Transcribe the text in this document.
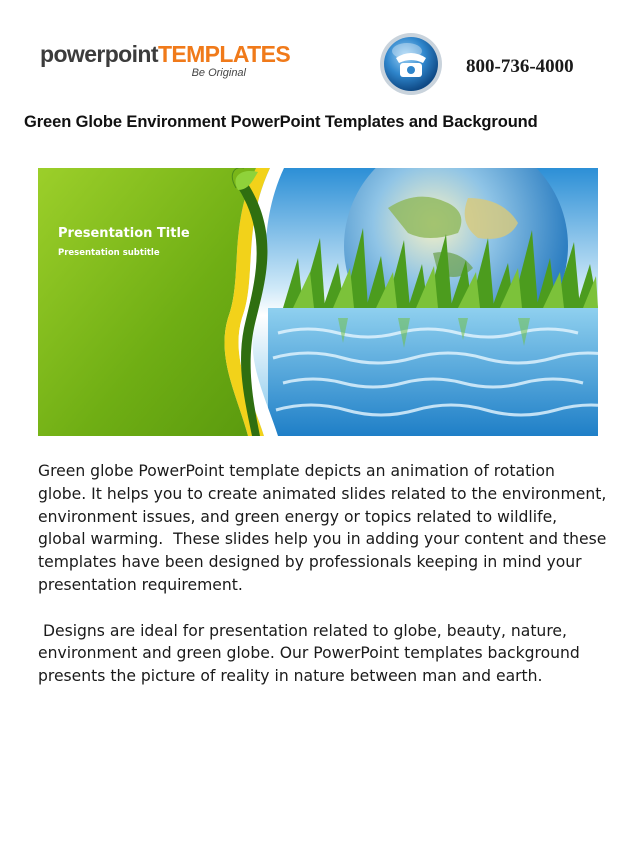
powerpointTEMPLATES
Be Original	800-736-4000
Green Globe Environment PowerPoint Templates and Background
Presentation Title
Presentation subtitle

Green globe PowerPoint template depicts an animation of rotation globe. It helps you to create animated slides related to the environment, environment issues, and green energy or topics related to wildlife, global warming.  These slides help you in adding your content and these templates have been designed by professionals keeping in mind your presentation requirement.

Designs are ideal for presentation related to globe, beauty, nature, environment and green globe. Our PowerPoint templates background presents the picture of reality in nature between man and earth.
